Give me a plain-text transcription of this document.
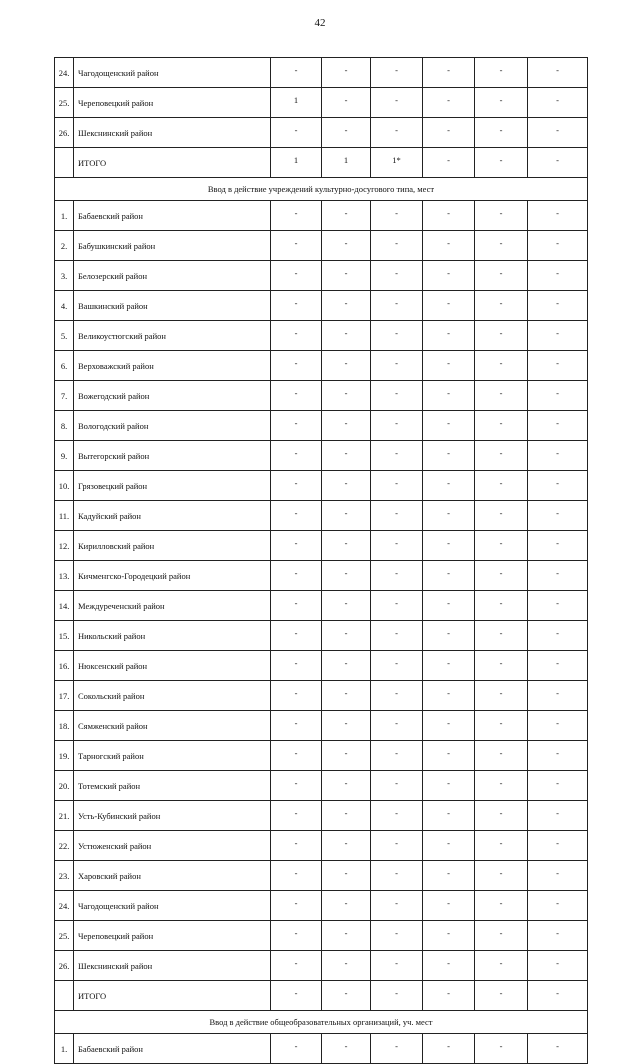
42
24.	Чагодощенский район	-	-	-	-	-	-
25.	Череповецкий район	1	-	-	-	-	-
26.	Шекснинский район	-	-	-	-	-	-
	ИТОГО	1	1	1*	-	-	-
Ввод в действие учреждений культурно-досугового типа, мест							
1.	Бабаевский район	-	-	-	-	-	-
2.	Бабушкинский район	-	-	-	-	-	-
3.	Белозерский район	-	-	-	-	-	-
4.	Вашкинский район	-	-	-	-	-	-
5.	Великоустюгский район	-	-	-	-	-	-
6.	Верховажский район	-	-	-	-	-	-
7.	Вожегодский район	-	-	-	-	-	-
8.	Вологодский район	-	-	-	-	-	-
9.	Вытегорский район	-	-	-	-	-	-
10.	Грязовецкий район	-	-	-	-	-	-
11.	Кадуйский район	-	-	-	-	-	-
12.	Кирилловский район	-	-	-	-	-	-
13.	Кичменгско-Городецкий район	-	-	-	-	-	-
14.	Междуреченский район	-	-	-	-	-	-
15.	Никольский район	-	-	-	-	-	-
16.	Нюксенский район	-	-	-	-	-	-
17.	Сокольский район	-	-	-	-	-	-
18.	Сямженский район	-	-	-	-	-	-
19.	Тарногский район	-	-	-	-	-	-
20.	Тотемский район	-	-	-	-	-	-
21.	Усть-Кубинский район	-	-	-	-	-	-
22.	Устюженский район	-	-	-	-	-	-
23.	Харовский район	-	-	-	-	-	-
24.	Чагодощенский район	-	-	-	-	-	-
25.	Череповецкий район	-	-	-	-	-	-
26.	Шекснинский район	-	-	-	-	-	-
	ИТОГО	-	-	-	-	-	-
Ввод в действие общеобразовательных организаций, уч. мест							
1.	Бабаевский район	-	-	-	-	-	-
